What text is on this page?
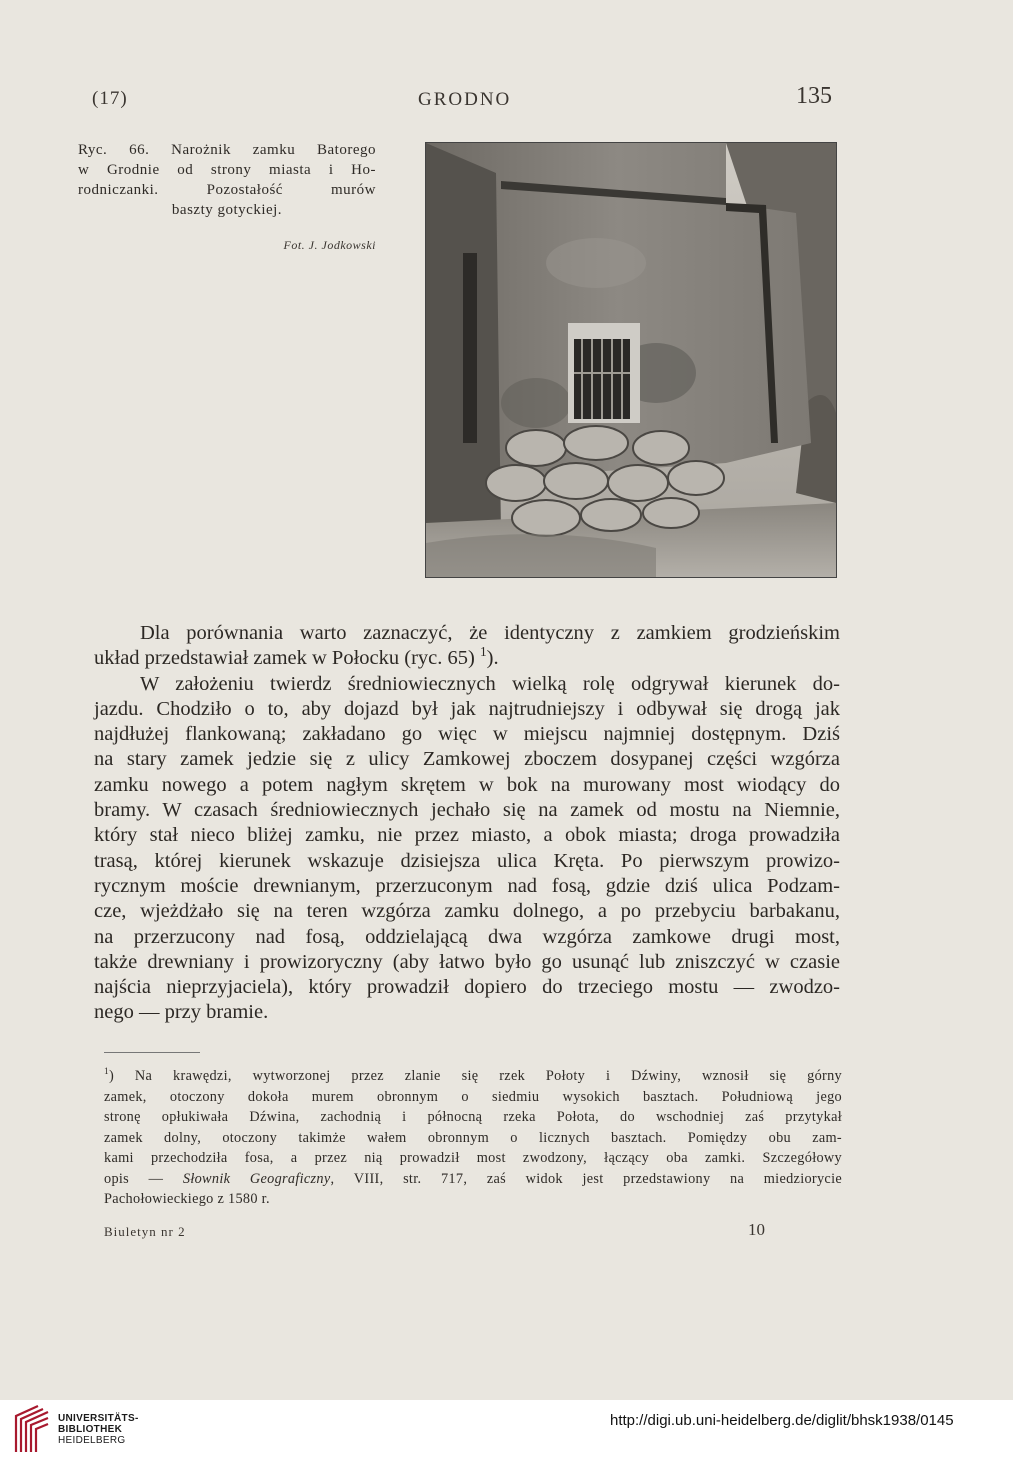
(17)	GRODNO	135
Ryc. 66. Narożnik zamku Batorego
w Grodnie od strony miasta i Ho-
rodniczanki. Pozostałość murów
baszty gotyckiej.
Fot. J. Jodkowski
Dla porównania warto zaznaczyć, że identyczny z zamkiem grodzieńskim
układ przedstawiał zamek w Połocku (ryc. 65) $^1$).
W założeniu twierdz średniowiecznych wielką rolę odgrywał kierunek do-
jazdu. Chodziło o to, aby dojazd był jak najtrudniejszy i odbywał się drogą jak
najdłużej flankowaną; zakładano go więc w miejscu najmniej dostępnym. Dziś
na stary zamek jedzie się z ulicy Zamkowej zboczem dosypanej części wzgórza
zamku nowego a potem nagłym skrętem w bok na murowany most wiodący do
bramy. W czasach średniowiecznych jechało się na zamek od mostu na Niemnie,
który stał nieco bliżej zamku, nie przez miasto, a obok miasta; droga prowadziła
trasą, której kierunek wskazuje dzisiejsza ulica Kręta. Po pierwszym prowizo-
rycznym moście drewnianym, przerzuconym nad fosą, gdzie dziś ulica Podzam-
cze, wjeżdżało się na teren wzgórza zamku dolnego, a po przebyciu barbakanu,
na przerzucony nad fosą, oddzielającą dwa wzgórza zamkowe drugi most,
także drewniany i prowizoryczny (aby łatwo było go usunąć lub zniszczyć w czasie
najścia nieprzyjaciela), który prowadził dopiero do trzeciego mostu — zwodzo-
nego — przy bramie.
$^1$) Na krawędzi, wytworzonej przez zlanie się rzek Połoty i Dźwiny, wznosił się górny
zamek, otoczony dokoła murem obronnym o siedmiu wysokich basztach. Południową jego
stronę opłukiwała Dźwina, zachodnią i północną rzeka Połota, do wschodniej zaś przytykał
zamek dolny, otoczony takimże wałem obronnym o licznych basztach. Pomiędzy obu zam-
kami przechodziła fosa, a przez nią prowadził most zwodzony, łączący oba zamki. Szczegółowy
opis — Słownik Geograficzny, VIII, str. 717, zaś widok jest przedstawiony na miedziorycie
Pachołowieckiego z 1580 r.
Biuletyn nr 2	10
UNIVERSITÄTS-
BIBLIOTHEK
HEIDELBERG
http://digi.ub.uni-heidelberg.de/diglit/bhsk1938/0145
